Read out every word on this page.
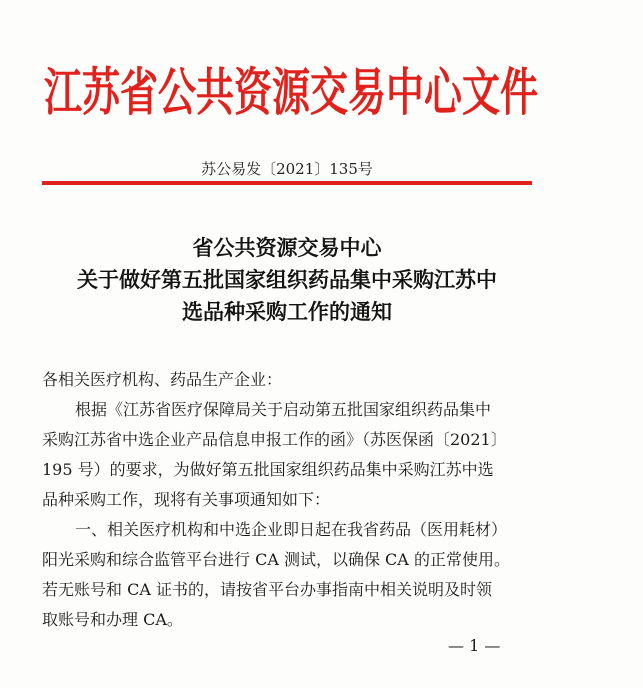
江苏省公共资源交易中心文件
苏公易发〔2021〕135号
省公共资源交易中心
关于做好第五批国家组织药品集中采购江苏中
选品种采购工作的通知

各相关医疗机构、药品生产企业：

根据《江苏省医疗保障局关于启动第五批国家组织药品集中

采购江苏省中选企业产品信息申报工作的函》（苏医保函〔2021〕

195 号）的要求，为做好第五批国家组织药品集中采购江苏中选

品种采购工作，现将有关事项通知如下：

一、相关医疗机构和中选企业即日起在我省药品（医用耗材）

阳光采购和综合监管平台进行 CA 测试，以确保 CA 的正常使用。

若无账号和 CA 证书的，请按省平台办事指南中相关说明及时领

取账号和办理 CA。

— 1 —
